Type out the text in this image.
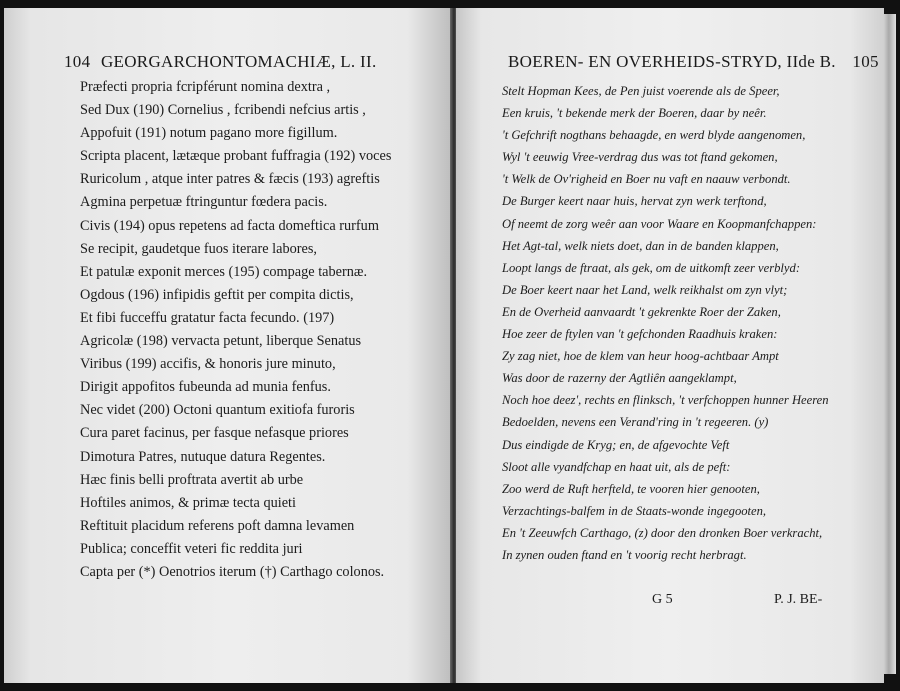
104 GEORGARCHONTOMACHIÆ, L. II.
Præfecti propria fcripférunt nomina dextra ,
Sed Dux (190) Cornelius , fcribendi nefcius artis ,
Appofuit (191) notum pagano more figillum.
Scripta placent, lætæque probant fuffragia (192) voces
Ruricolum , atque inter patres & fæcis (193) agreftis
Agmina perpetuæ ftringuntur fœdera pacis.
Civis (194) opus repetens ad facta domeftica rurfum
Se recipit, gaudetque fuos iterare labores,
Et patulæ exponit merces (195) compage tabernæ.
Ogdous (196) infipidis geftit per compita dictis,
Et fibi fucceffu gratatur facta fecundo. (197)
Agricolæ (198) vervacta petunt, liberque Senatus
Viribus (199) accifis, & honoris jure minuto,
Dirigit appofitos fubeunda ad munia fenfus.
Nec videt (200) Octoni quantum exitiofa furoris
Cura paret facinus, per fasque nefasque priores
Dimotura Patres, nutuque datura Regentes.
Hæc finis belli proftrata avertit ab urbe
Hoftiles animos, & primæ tecta quieti
Reftituit placidum referens poft damna levamen
Publica; conceffit veteri fic reddita juri
Capta per (*) Oenotrios iterum (†) Carthago colonos.
BOEREN- EN OVERHEIDS-STRYD, IIde B. 105
Stelt Hopman Kees, de Pen juist voerende als de Speer,
Een kruis, 't bekende merk der Boeren, daar by neêr.
't Gefchrift nogthans behaagde, en werd blyde aangenomen,
Wyl 't eeuwig Vree-verdrag dus was tot ftand gekomen,
't Welk de Ov'righeid en Boer nu vaft en naauw verbondt.
De Burger keert naar huis, hervat zyn werk terftond,
Of neemt de zorg weêr aan voor Waare en Koopmanfchappen:
Het Agt-tal, welk niets doet, dan in de banden klappen,
Loopt langs de ftraat, als gek, om de uitkomft zeer verblyd:
De Boer keert naar het Land, welk reikhalst om zyn vlyt;
En de Overheid aanvaardt 't gekrenkte Roer der Zaken,
Hoe zeer de ftylen van 't gefchonden Raadhuis kraken:
Zy zag niet, hoe de klem van heur hoog-achtbaar Ampt
Was door de razerny der Agtliên aangeklampt,
Noch hoe deez', rechts en flinksch, 't verfchoppen hunner Heeren
Bedoelden, nevens een Verand'ring in 't regeeren. (y)
Dus eindigde de Kryg; en, de afgevochte Veft
Sloot alle vyandfchap en haat uit, als de peft:
Zoo werd de Ruft herfteld, te vooren hier genooten,
Verzachtings-balfem in de Staats-wonde ingegooten,
En 't Zeeuwfch Carthago, (z) door den dronken Boer verkracht,
In zynen ouden ftand en 't voorig recht herbragt.
G 5	P. J. BE-
